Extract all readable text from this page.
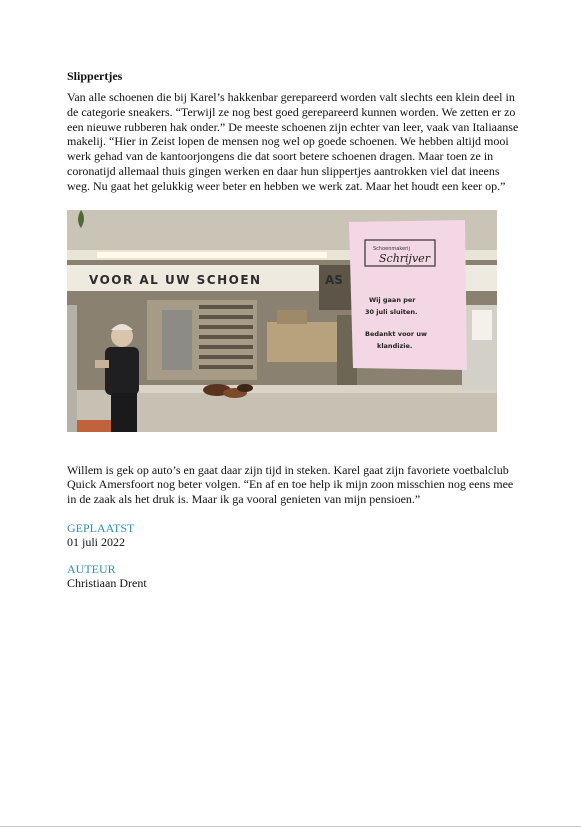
Slippertjes

Van alle schoenen die bij Karel’s hakkenbar gerepareerd worden valt slechts een klein deel in de categorie sneakers. “Terwijl ze nog best goed gerepareerd kunnen worden. We zetten er zo een nieuwe rubberen hak onder.” De meeste schoenen zijn echter van leer, vaak van Italiaanse makelij. “Hier in Zeist lopen de mensen nog wel op goede schoenen. We hebben altijd mooi werk gehad van de kantoorjongens die dat soort betere schoenen dragen. Maar toen ze in coronatijd allemaal thuis gingen werken en daar hun slippertjes aantrokken viel dat ineens weg. Nu gaat het gelukkig weer beter en hebben we werk zat. Maar het houdt een keer op.”

VOOR AL UW SCHOEN	AS
Schoenmakerij
Schrijver
Wij gaan per
30 juli sluiten.
Bedankt voor uw
klandizie.

Willem is gek op auto’s en gaat daar zijn tijd in steken. Karel gaat zijn favoriete voetbalclub Quick Amersfoort nog beter volgen. “En af en toe help ik mijn zoon misschien nog eens mee in de zaak als het druk is. Maar ik ga vooral genieten van mijn pensioen.”

GEPLAATST
01 juli 2022
AUTEUR
Christiaan Drent
